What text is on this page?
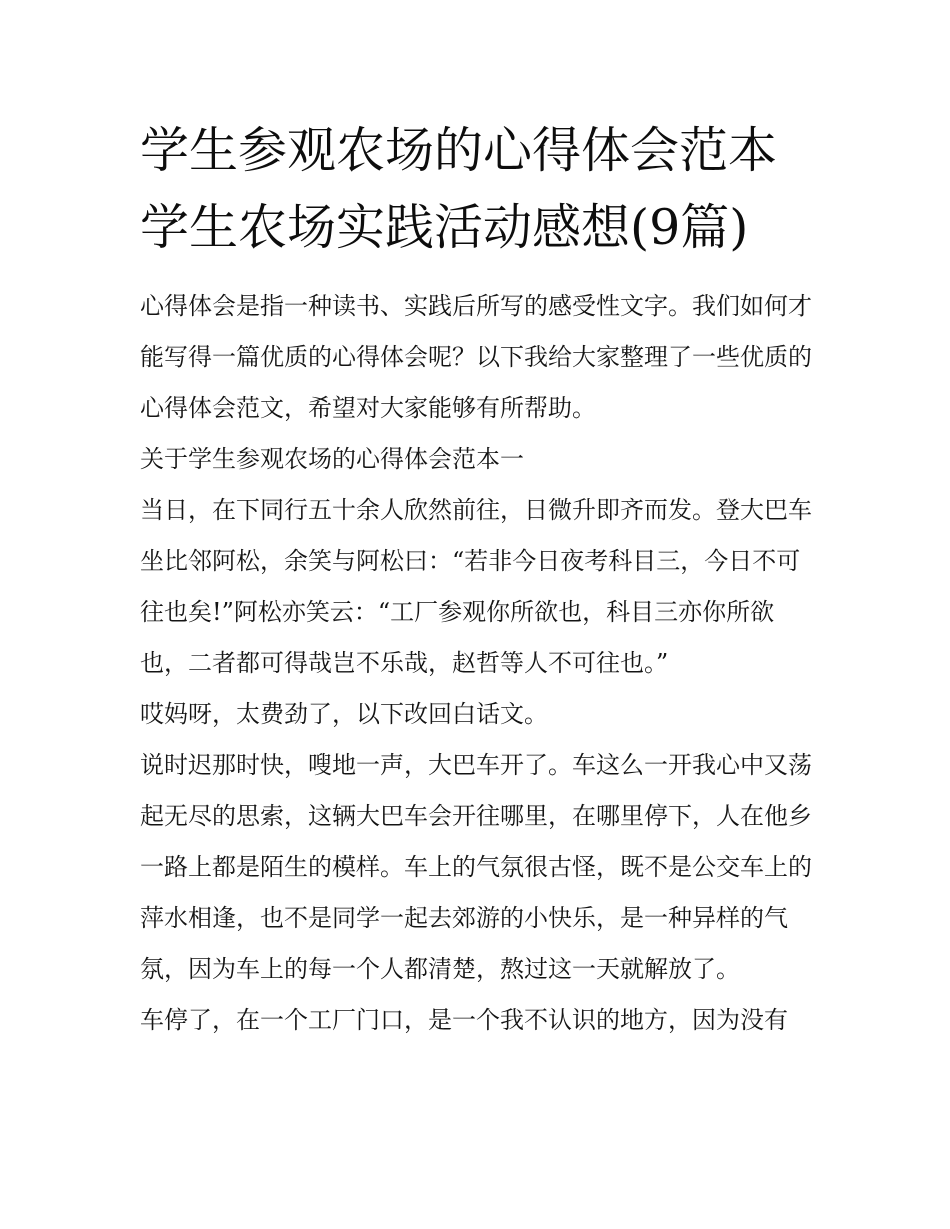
学生参观农场的心得体会范本学生农场实践活动感想(9篇)

心得体会是指一种读书、实践后所写的感受性文字。我们如何才能写得一篇优质的心得体会呢？以下我给大家整理了一些优质的心得体会范文，希望对大家能够有所帮助。

关于学生参观农场的心得体会范本一

当日，在下同行五十余人欣然前往，日微升即齐而发。登大巴车坐比邻阿松，余笑与阿松曰：“若非今日夜考科目三，今日不可往也矣!”阿松亦笑云：“工厂参观你所欲也，科目三亦你所欲也，二者都可得哉岂不乐哉，赵哲等人不可往也。”

哎妈呀，太费劲了，以下改回白话文。

说时迟那时快，嗖地一声，大巴车开了。车这么一开我心中又荡起无尽的思索，这辆大巴车会开往哪里，在哪里停下，人在他乡一路上都是陌生的模样。车上的气氛很古怪，既不是公交车上的萍水相逢，也不是同学一起去郊游的小快乐，是一种异样的气氛，因为车上的每一个人都清楚，熬过这一天就解放了。

车停了，在一个工厂门口，是一个我不认识的地方，因为没有
